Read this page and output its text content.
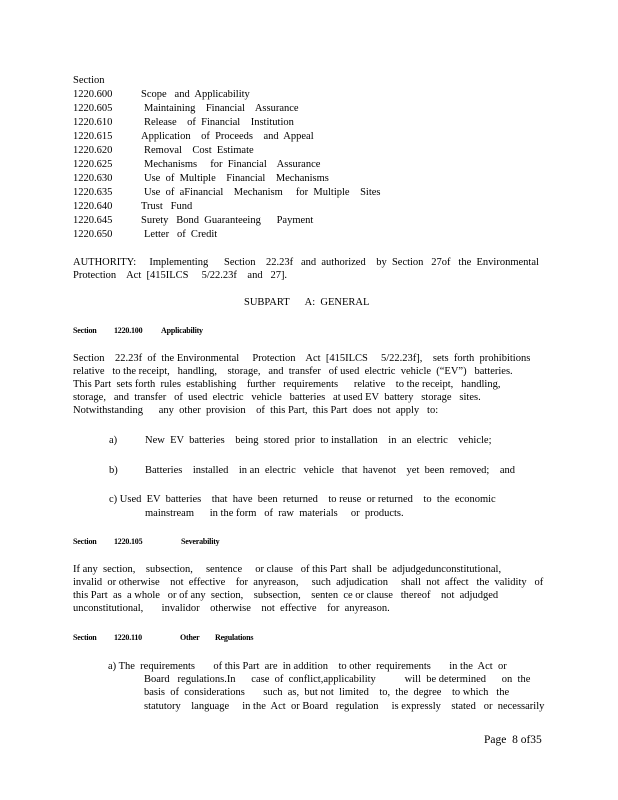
Section
1220.600	Scope   and  Applicability
1220.605	Maintaining    Financial    Assurance
1220.610	Release    of  Financial    Institution
1220.615	Application    of  Proceeds    and  Appeal
1220.620	Removal    Cost  Estimate
1220.625	Mechanisms     for  Financial    Assurance
1220.630	Use  of  Multiple    Financial    Mechanisms
1220.635	Use  of  aFinancial    Mechanism     for  Multiple    Sites
1220.640	Trust   Fund
1220.645	Surety   Bond  Guaranteeing      Payment
1220.650	Letter   of  Credit
AUTHORITY:     Implementing      Section    22.23f   and  authorized    by  Section   27of   the  Environmental
Protection    Act  [415ILCS     5/22.23f    and   27].
SUBPART      A:  GENERAL
Section 1220.100 Applicability
Section    22.23f  of  the Environmental     Protection    Act  [415ILCS     5/22.23f],    sets  forth  prohibitions
relative   to the receipt,   handling,    storage,   and  transfer   of used  electric  vehicle  (“EV”)   batteries.
This Part  sets forth  rules  establishing    further   requirements      relative    to the receipt,   handling,
storage,   and  transfer   of  used  electric   vehicle   batteries   at used EV  battery   storage   sites.
Notwithstanding      any  other  provision    of  this Part,  this Part  does  not  apply   to:
a)	New  EV  batteries    being  stored  prior  to installation    in  an  electric    vehicle;
b)	Batteries    installed    in an  electric   vehicle   that  havenot    yet  been  removed;    and
c) Used  EV  batteries    that  have  been  returned    to reuse  or returned    to  the  economic
mainstream      in the form   of  raw  materials     or  products.
Section 1220.105	Severability
If any  section,    subsection,     sentence     or clause   of this Part  shall  be  adjudgedunconstitutional,
invalid  or otherwise    not  effective    for  anyreason,     such  adjudication     shall  not  affect   the  validity   of
this Part  as  a whole   or of any  section,    subsection,    senten  ce or clause   thereof    not  adjudged
unconstitutional,       invalidor    otherwise    not  effective    for  anyreason.
Section 1220.110	Other Regulations
a) The  requirements       of this Part  are  in addition    to other  requirements       in the  Act  or
Board   regulations.In      case  of  conflict,applicability           will  be determined      on  the
basis  of  considerations       such  as,  but not  limited    to,  the  degree    to which   the
statutory    language     in the  Act  or Board   regulation     is expressly    stated   or  necessarily
Page  8 of35
